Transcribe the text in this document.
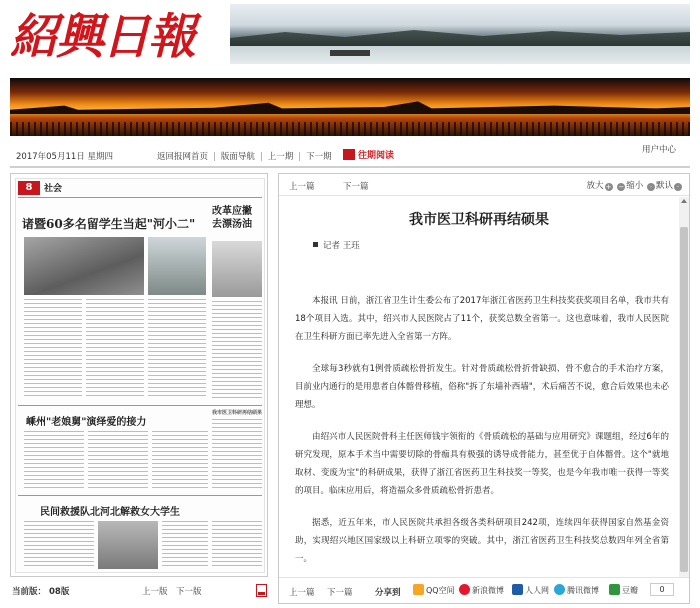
紹興日報
2017年05月11日 星期四	返回报网首页 | 版面导航 | 上一期 | 下一期	往期阅读
用户中心
8	社会
诸暨60多名留学生当起"河小二"
改革应撇去漂汤油
嵊州"老娘舅"演绎爱的接力
我市医卫科研再结硕果
民间救援队北河北解救女大学生
当前版： 08版	上一版 下一版
上一篇	下一篇	放大 + − 缩小 · 默认 ·
我市医卫科研再结硕果
记者 王珏

本报讯 日前，浙江省卫生计生委公布了2017年浙江省医药卫生科技奖获奖项目名单，我市共有18个项目入选。其中，绍兴市人民医院占了11个，获奖总数全省第一。这也意味着，我市人民医院在卫生科研方面已率先进入全省第一方阵。

全球每3秒就有1例骨质疏松骨折发生。针对骨质疏松骨折骨缺损、骨不愈合的手术治疗方案，目前业内通行的是用患者自体髂骨移植，俗称"拆了东墙补西墙"，术后痛苦不说，愈合后效果也未必理想。

由绍兴市人民医院骨科主任医师钱宇领衔的《骨质疏松的基础与应用研究》课题组，经过6年的研究发现，原本手术当中需要切除的骨痂具有极强的诱导成骨能力，甚至优于自体髂骨。这个"就地取材、变废为宝"的科研成果，获得了浙江省医药卫生科技奖一等奖，也是今年我市唯一获得一等奖的项目。临床应用后，将造福众多骨质疏松骨折患者。

据悉，近五年来，市人民医院共承担各级各类科研项目242项，连续四年获得国家自然基金资助，实现绍兴地区国家级以上科研立项零的突破。其中，浙江省医药卫生科技奖总数四年列全省第一。

上一篇 下一篇	分享到	QQ空间	新浪微博	人人网	腾讯微博	豆瓣	0
